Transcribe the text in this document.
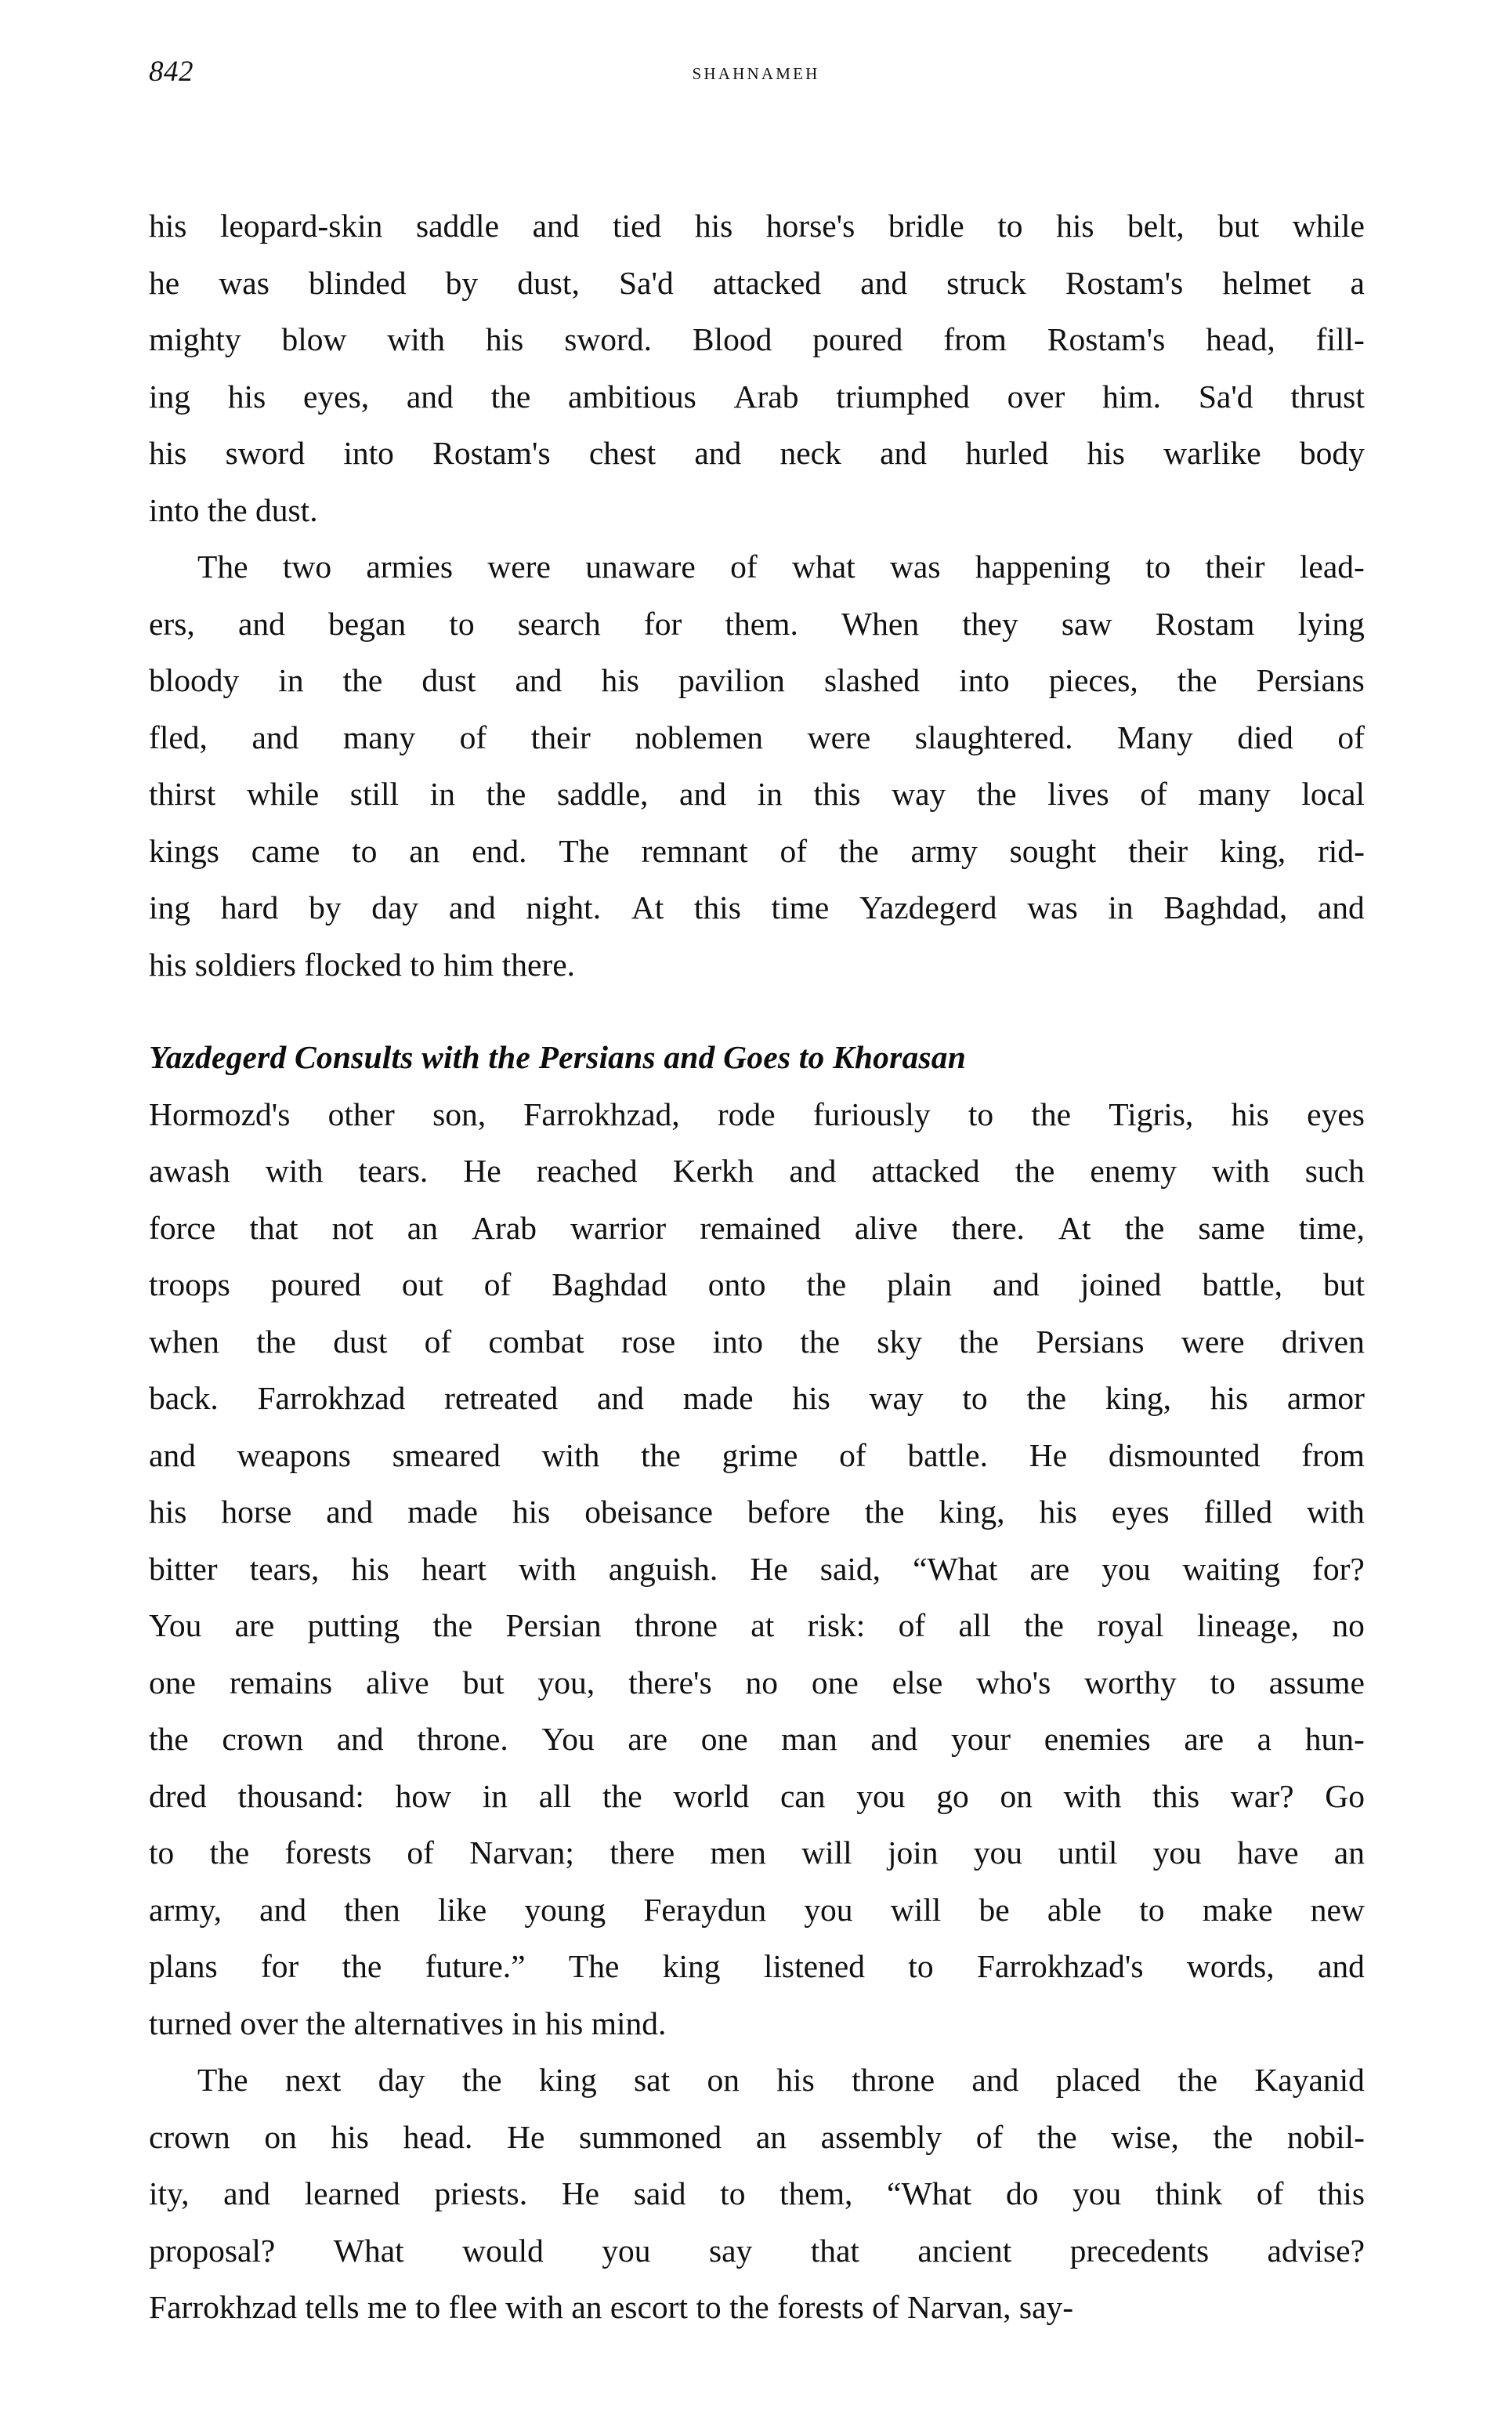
842	shahnameh
his leopard-skin saddle and tied his horse's bridle to his belt, but while
he was blinded by dust, Sa'd attacked and struck Rostam's helmet a
mighty blow with his sword. Blood poured from Rostam's head, fill-
ing his eyes, and the ambitious Arab triumphed over him. Sa'd thrust
his sword into Rostam's chest and neck and hurled his warlike body
into the dust.
The two armies were unaware of what was happening to their lead-
ers, and began to search for them. When they saw Rostam lying
bloody in the dust and his pavilion slashed into pieces, the Persians
fled, and many of their noblemen were slaughtered. Many died of
thirst while still in the saddle, and in this way the lives of many local
kings came to an end. The remnant of the army sought their king, rid-
ing hard by day and night. At this time Yazdegerd was in Baghdad, and
his soldiers flocked to him there.
Yazdegerd Consults with the Persians and Goes to Khorasan
Hormozd's other son, Farrokhzad, rode furiously to the Tigris, his eyes
awash with tears. He reached Kerkh and attacked the enemy with such
force that not an Arab warrior remained alive there. At the same time,
troops poured out of Baghdad onto the plain and joined battle, but
when the dust of combat rose into the sky the Persians were driven
back. Farrokhzad retreated and made his way to the king, his armor
and weapons smeared with the grime of battle. He dismounted from
his horse and made his obeisance before the king, his eyes filled with
bitter tears, his heart with anguish. He said, “What are you waiting for?
You are putting the Persian throne at risk: of all the royal lineage, no
one remains alive but you, there's no one else who's worthy to assume
the crown and throne. You are one man and your enemies are a hun-
dred thousand: how in all the world can you go on with this war? Go
to the forests of Narvan; there men will join you until you have an
army, and then like young Feraydun you will be able to make new
plans for the future.” The king listened to Farrokhzad's words, and
turned over the alternatives in his mind.
The next day the king sat on his throne and placed the Kayanid
crown on his head. He summoned an assembly of the wise, the nobil-
ity, and learned priests. He said to them, “What do you think of this
proposal? What would you say that ancient precedents advise?
Farrokhzad tells me to flee with an escort to the forests of Narvan, say-
